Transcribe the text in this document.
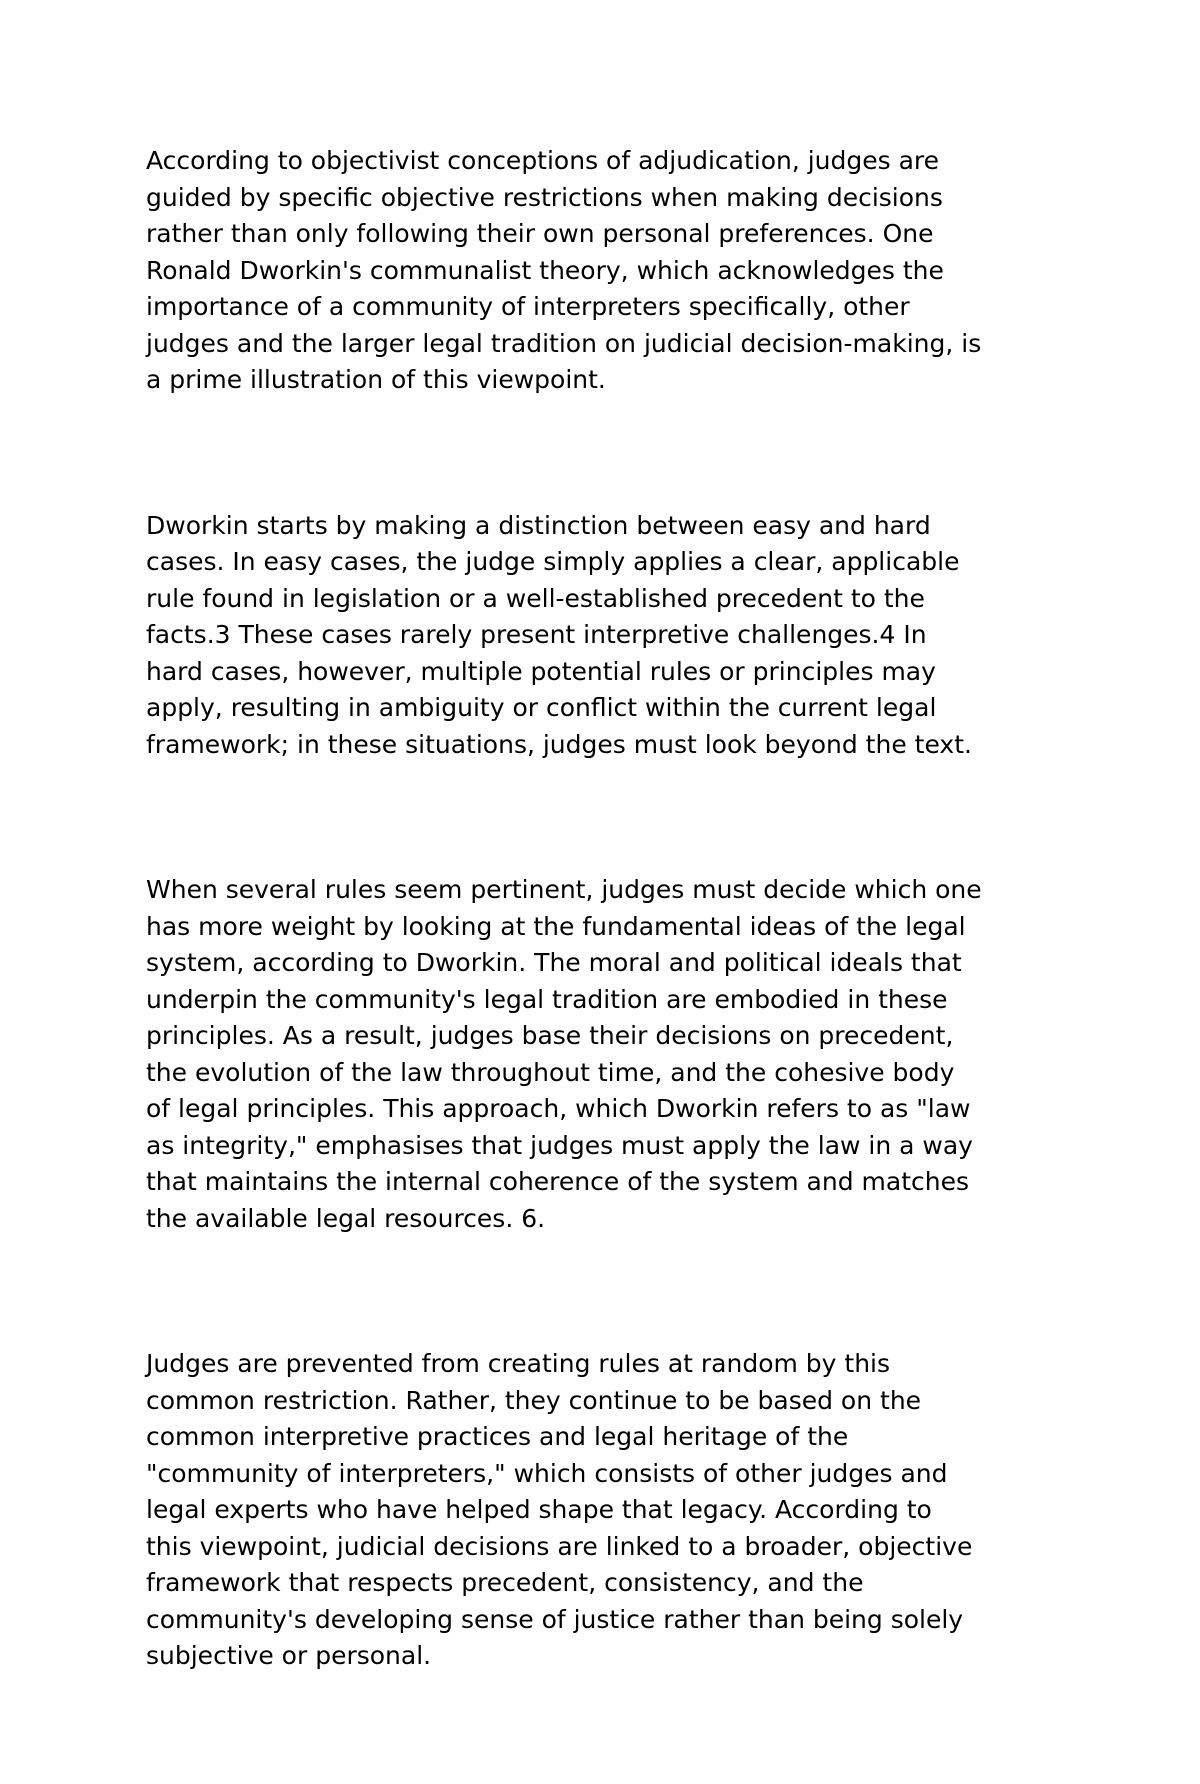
According to objectivist conceptions of adjudication, judges are
guided by specific objective restrictions when making decisions
rather than only following their own personal preferences. One
Ronald Dworkin's communalist theory, which acknowledges the
importance of a community of interpreters specifically, other
judges and the larger legal tradition on judicial decision-making, is
a prime illustration of this viewpoint.

Dworkin starts by making a distinction between easy and hard
cases. In easy cases, the judge simply applies a clear, applicable
rule found in legislation or a well-established precedent to the
facts.3 These cases rarely present interpretive challenges.4 In
hard cases, however, multiple potential rules or principles may
apply, resulting in ambiguity or conflict within the current legal
framework; in these situations, judges must look beyond the text.

When several rules seem pertinent, judges must decide which one
has more weight by looking at the fundamental ideas of the legal
system, according to Dworkin. The moral and political ideals that
underpin the community's legal tradition are embodied in these
principles. As a result, judges base their decisions on precedent,
the evolution of the law throughout time, and the cohesive body
of legal principles. This approach, which Dworkin refers to as "law
as integrity," emphasises that judges must apply the law in a way
that maintains the internal coherence of the system and matches
the available legal resources. 6.

Judges are prevented from creating rules at random by this
common restriction. Rather, they continue to be based on the
common interpretive practices and legal heritage of the
"community of interpreters," which consists of other judges and
legal experts who have helped shape that legacy. According to
this viewpoint, judicial decisions are linked to a broader, objective
framework that respects precedent, consistency, and the
community's developing sense of justice rather than being solely
subjective or personal.
